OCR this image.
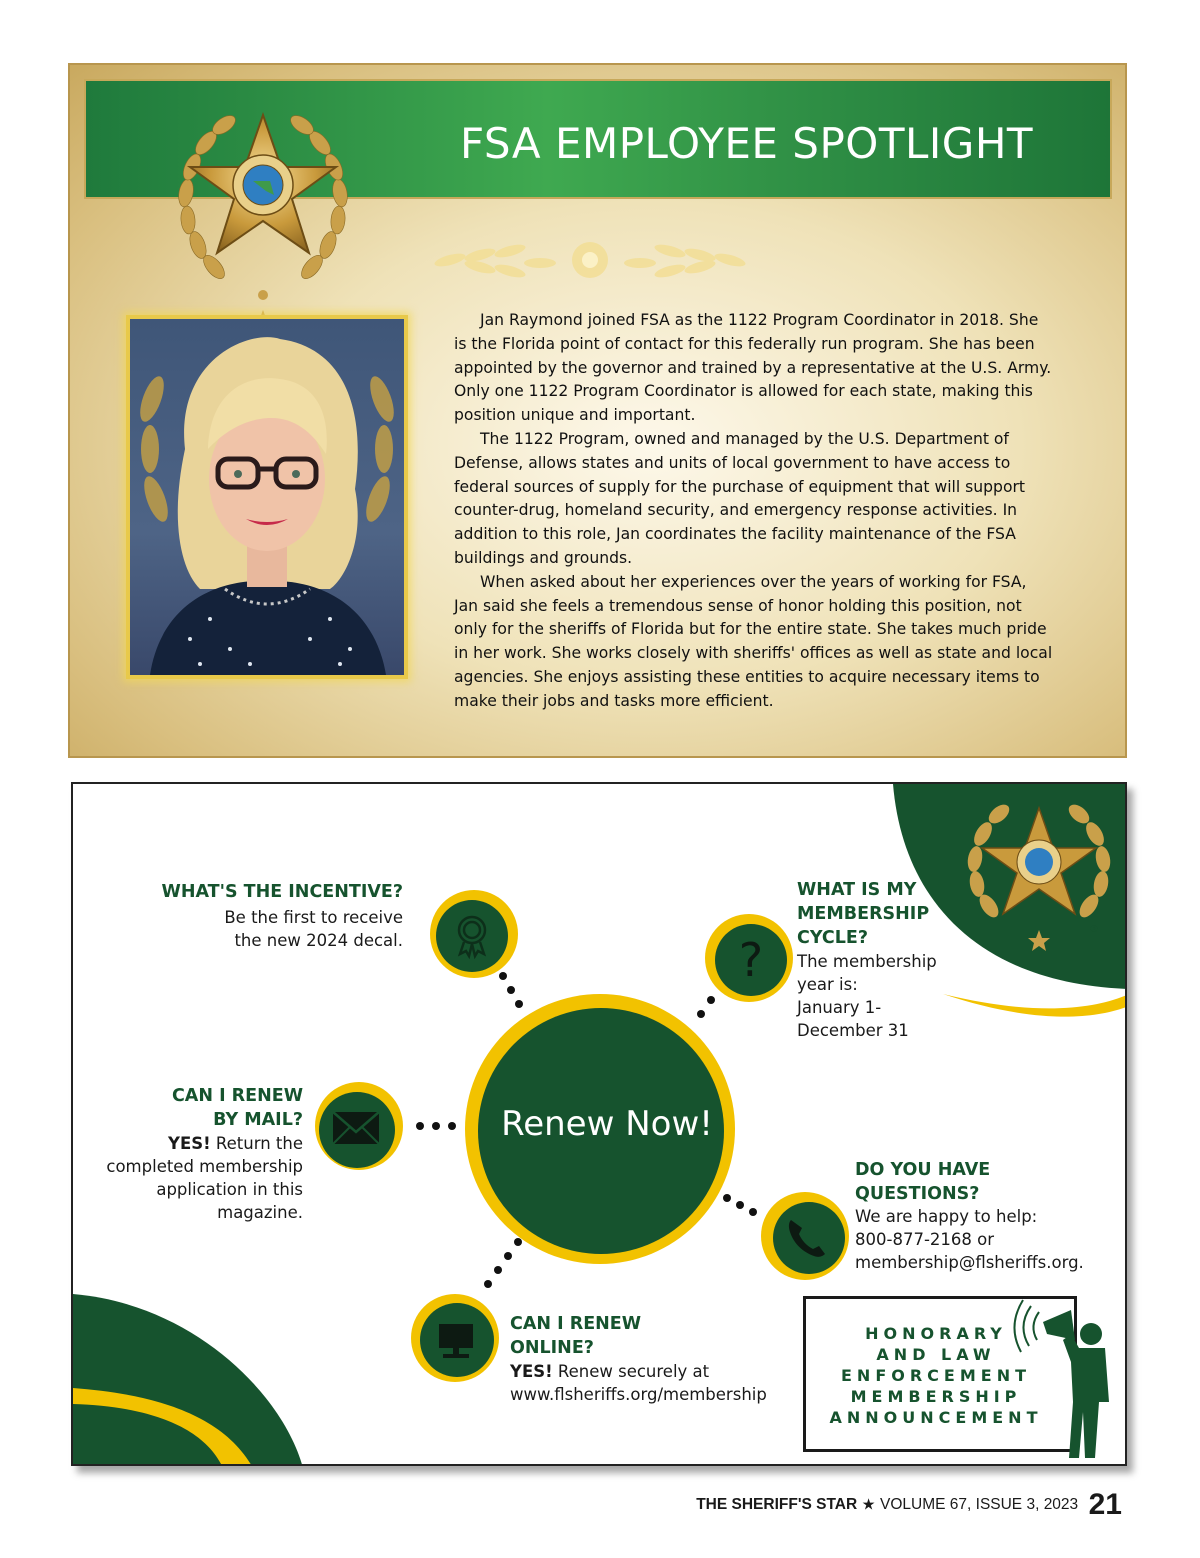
FSA EMPLOYEE SPOTLIGHT

Jan Raymond joined FSA as the 1122 Program Coordinator in 2018. She is the Florida point of contact for this federally run program. She has been appointed by the governor and trained by a representative at the U.S. Army. Only one 1122 Program Coordinator is allowed for each state, making this position unique and important.

The 1122 Program, owned and managed by the U.S. Department of Defense, allows states and units of local government to have access to federal sources of supply for the purchase of equipment that will support counter-drug, homeland security, and emergency response activities. In addition to this role, Jan coordinates the facility maintenance of the FSA buildings and grounds.

When asked about her experiences over the years of working for FSA, Jan said she feels a tremendous sense of honor holding this position, not only for the sheriffs of Florida but for the entire state. She takes much pride in her work. She works closely with sheriffs' offices as well as state and local agencies. She enjoys assisting these entities to acquire necessary items to make their jobs and tasks more efficient.

?
Renew Now!
WHAT'S THE INCENTIVE?
Be the first to receive
the new 2024 decal.
WHAT IS MY
MEMBERSHIP
CYCLE?
The membership
year is:
January 1-
December 31
CAN I RENEW
BY MAIL?
YES! Return the
completed membership
application in this
magazine.
DO YOU HAVE
QUESTIONS?
We are happy to help:
800-877-2168 or
membership@flsheriffs.org.
CAN I RENEW
ONLINE?
YES! Renew securely at
www.flsheriffs.org/membership
HONORARY
AND LAW
ENFORCEMENT
MEMBERSHIP
ANNOUNCEMENT
®
THE SHERIFF'S STAR ★ VOLUME 67, ISSUE 3, 2023 21
